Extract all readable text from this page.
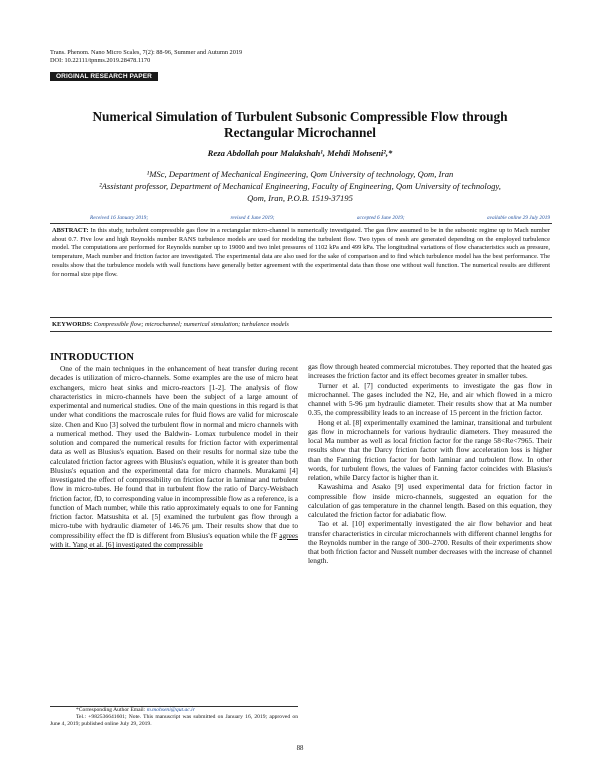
Trans. Phenom. Nano Micro Scales, 7(2): 88-96, Summer and Autumn 2019
DOI: 10.22111/tpnms.2019.28478.1170
ORIGINAL RESEARCH PAPER
Numerical Simulation of Turbulent Subsonic Compressible Flow through
Rectangular Microchannel
Reza Abdollah pour Malakshah¹, Mehdi Mohseni²,*
¹MSc, Department of Mechanical Engineering, Qom University of technology, Qom, Iran
²Assistant professor, Department of Mechanical Engineering, Faculty of Engineering, Qom University of technology,
Qom, Iran, P.O.B. 1519-37195
Received 16 January 2019;	revised 4 June 2019;	accepted 6 June 2019;	available online 29 July 2019
ABSTRACT: In this study, turbulent compressible gas flow in a rectangular micro-channel is numerically investigated. The gas flow assumed to be in the subsonic regime up to Mach number about 0.7. Five low and high Reynolds number RANS turbulence models are used for modeling the turbulent flow. Two types of mesh are generated depending on the employed turbulence model. The computations are performed for Reynolds number up to 19000 and two inlet pressures of 1102 kPa and 499 kPa. The longitudinal variations of flow characteristics such as pressure, temperature, Mach number and friction factor are investigated. The experimental data are also used for the sake of comparison and to find which turbulence model has the best performance. The results show that the turbulence models with wall functions have generally better agreement with the experimental data than those one without wall function. The numerical results are different for normal size pipe flow.
KEYWORDS: Compressible flow; microchannel; numerical simulation; turbulence models
INTRODUCTION

One of the main techniques in the enhancement of heat transfer during recent decades is utilization of micro-channels. Some examples are the use of micro heat exchangers, micro heat sinks and micro-reactors [1-2]. The analysis of flow characteristics in micro-channels have been the subject of a large amount of experimental and numerical studies. One of the main questions in this regard is that under what conditions the macroscale rules for fluid flows are valid for microscale size. Chen and Kuo [3] solved the turbulent flow in normal and micro channels with a numerical method. They used the Baldwin- Lomax turbulence model in their solution and compared the numerical results for friction factor with experimental data as well as Blusius's equation. Based on their results for normal size tube the calculated friction factor agrees with Blusius's equation, while it is greater than both Blusius's equation and the experimental data for micro channels. Murakami [4] investigated the effect of compressibility on friction factor in laminar and turbulent flow in micro-tubes. He found that in turbulent flow the ratio of Darcy-Weisbach friction factor, fD, to corresponding value in incompressible flow as a reference, is a function of Mach number, while this ratio approximately equals to one for Fanning friction factor. Matsushita et al. [5] examined the turbulent gas flow through a micro-tube with hydraulic diameter of 146.76 µm. Their results show that due to compressibility effect the fD is different from Blusius's equation while the fF agrees with it. Yang et al. [6] investigated the compressible

gas flow through heated commercial microtubes. They reported that the heated gas increases the friction factor and its effect becomes greater in smaller tubes.

Turner et al. [7] conducted experiments to investigate the gas flow in microchannel. The gases included the N2, He, and air which flowed in a micro channel with 5-96 µm hydraulic diameter. Their results show that at Ma number 0.35, the compressibility leads to an increase of 15 percent in the friction factor.

Hong et al. [8] experimentally examined the laminar, transitional and turbulent gas flow in microchannels for various hydraulic diameters. They measured the local Ma number as well as local friction factor for the range 58<Re<7965. Their results show that the Darcy friction factor with flow acceleration loss is higher than the Fanning friction factor for both laminar and turbulent flow. In other words, for turbulent flows, the values of Fanning factor coincides with Blasius's relation, while Darcy factor is higher than it.

Kawashima and Asako [9] used experimental data for friction factor in compressible flow inside micro-channels, suggested an equation for the calculation of gas temperature in the channel length. Based on this equation, they calculated the friction factor for adiabatic flow.

Tao et al. [10] experimentally investigated the air flow behavior and heat transfer characteristics in circular microchannels with different channel lengths for the Reynolds number in the range of 300–2700. Results of their experiments show that both friction factor and Nusselt number decreases with the increase of channel length.

*Corresponding Author Email: m.mohseni@qut.ac.ir
Tel.: +982536641601; Note. This manuscript was submitted on January 16, 2019; approved on June 4, 2019; published online July 29, 2019.
88
